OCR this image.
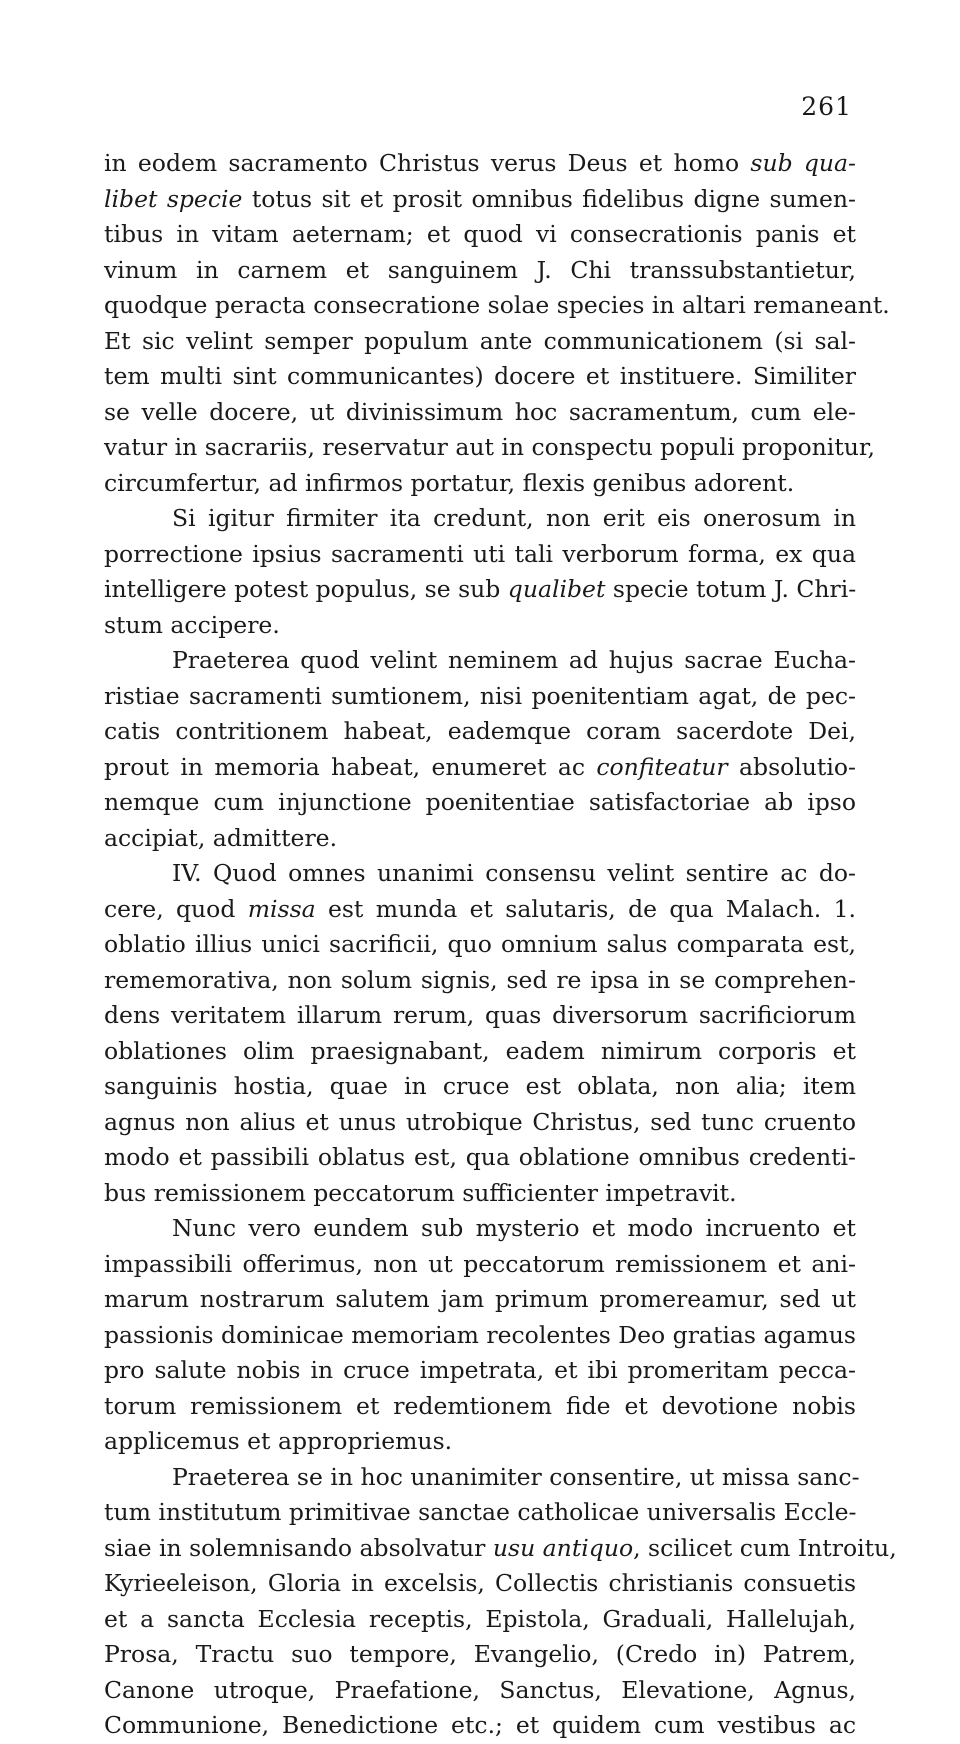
261
in eodem sacramento Christus verus Deus et homo sub qua-
libet specie totus sit et prosit omnibus fidelibus digne sumen-
tibus in vitam aeternam; et quod vi consecrationis panis et
vinum in carnem et sanguinem J. Chi transsubstantietur,
quodque peracta consecratione solae species in altari remaneant.
Et sic velint semper populum ante communicationem (si sal-
tem multi sint communicantes) docere et instituere. Similiter
se velle docere, ut divinissimum hoc sacramentum, cum ele-
vatur in sacrariis, reservatur aut in conspectu populi proponitur,
circumfertur, ad infirmos portatur, flexis genibus adorent.
Si igitur firmiter ita credunt, non erit eis onerosum in
porrectione ipsius sacramenti uti tali verborum forma, ex qua
intelligere potest populus, se sub qualibet specie totum J. Chri-
stum accipere.
Praeterea quod velint neminem ad hujus sacrae Eucha-
ristiae sacramenti sumtionem, nisi poenitentiam agat, de pec-
catis contritionem habeat, eademque coram sacerdote Dei,
prout in memoria habeat, enumeret ac confiteatur absolutio-
nemque cum injunctione poenitentiae satisfactoriae ab ipso
accipiat, admittere.
IV. Quod omnes unanimi consensu velint sentire ac do-
cere, quod missa est munda et salutaris, de qua Malach. 1.
oblatio illius unici sacrificii, quo omnium salus comparata est,
rememorativa, non solum signis, sed re ipsa in se comprehen-
dens veritatem illarum rerum, quas diversorum sacrificiorum
oblationes olim praesignabant, eadem nimirum corporis et
sanguinis hostia, quae in cruce est oblata, non alia; item
agnus non alius et unus utrobique Christus, sed tunc cruento
modo et passibili oblatus est, qua oblatione omnibus credenti-
bus remissionem peccatorum sufficienter impetravit.
Nunc vero eundem sub mysterio et modo incruento et
impassibili offerimus, non ut peccatorum remissionem et ani-
marum nostrarum salutem jam primum promereamur, sed ut
passionis dominicae memoriam recolentes Deo gratias agamus
pro salute nobis in cruce impetrata, et ibi promeritam pecca-
torum remissionem et redemtionem fide et devotione nobis
applicemus et appropriemus.
Praeterea se in hoc unanimiter consentire, ut missa sanc-
tum institutum primitivae sanctae catholicae universalis Eccle-
siae in solemnisando absolvatur usu antiquo, scilicet cum Introitu,
Kyrieeleison, Gloria in excelsis, Collectis christianis consuetis
et a sancta Ecclesia receptis, Epistola, Graduali, Hallelujah,
Prosa, Tractu suo tempore, Evangelio, (Credo in) Patrem,
Canone utroque, Praefatione, Sanctus, Elevatione, Agnus,
Communione, Benedictione etc.; et quidem cum vestibus ac
